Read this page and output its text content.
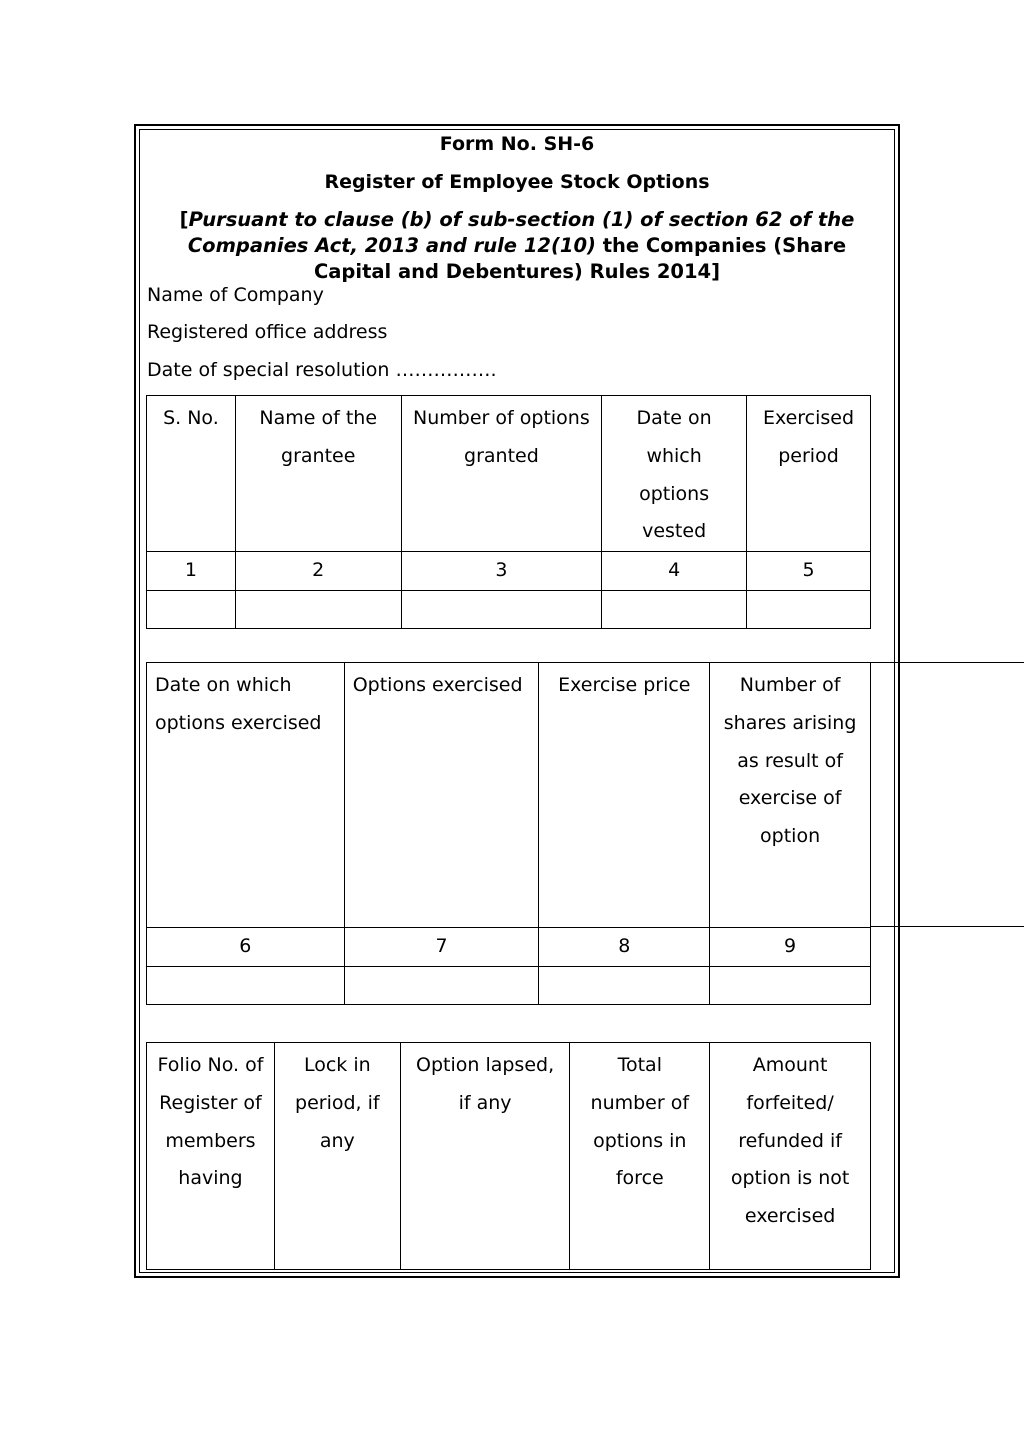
Form No. SH-6
Register of Employee Stock Options
[Pursuant to clause (b) of sub-section (1) of section 62 of the Companies Act, 2013 and rule 12(10) the Companies (Share Capital and Debentures) Rules 2014]
Name of Company
Registered office address
Date of special resolution …………….
S. No.	Name of the grantee	Number of options granted	Date on which options vested	Exercised period
1	2	3	4	5

Date on which options exercised	Options exercised	Exercise price	Number of shares arising as result of exercise of option
6	7	8	9

Folio No. of Register of members having	Lock in period, if any	Option lapsed, if any	Total number of options in force	Amount forfeited/ refunded if option is not exercised
